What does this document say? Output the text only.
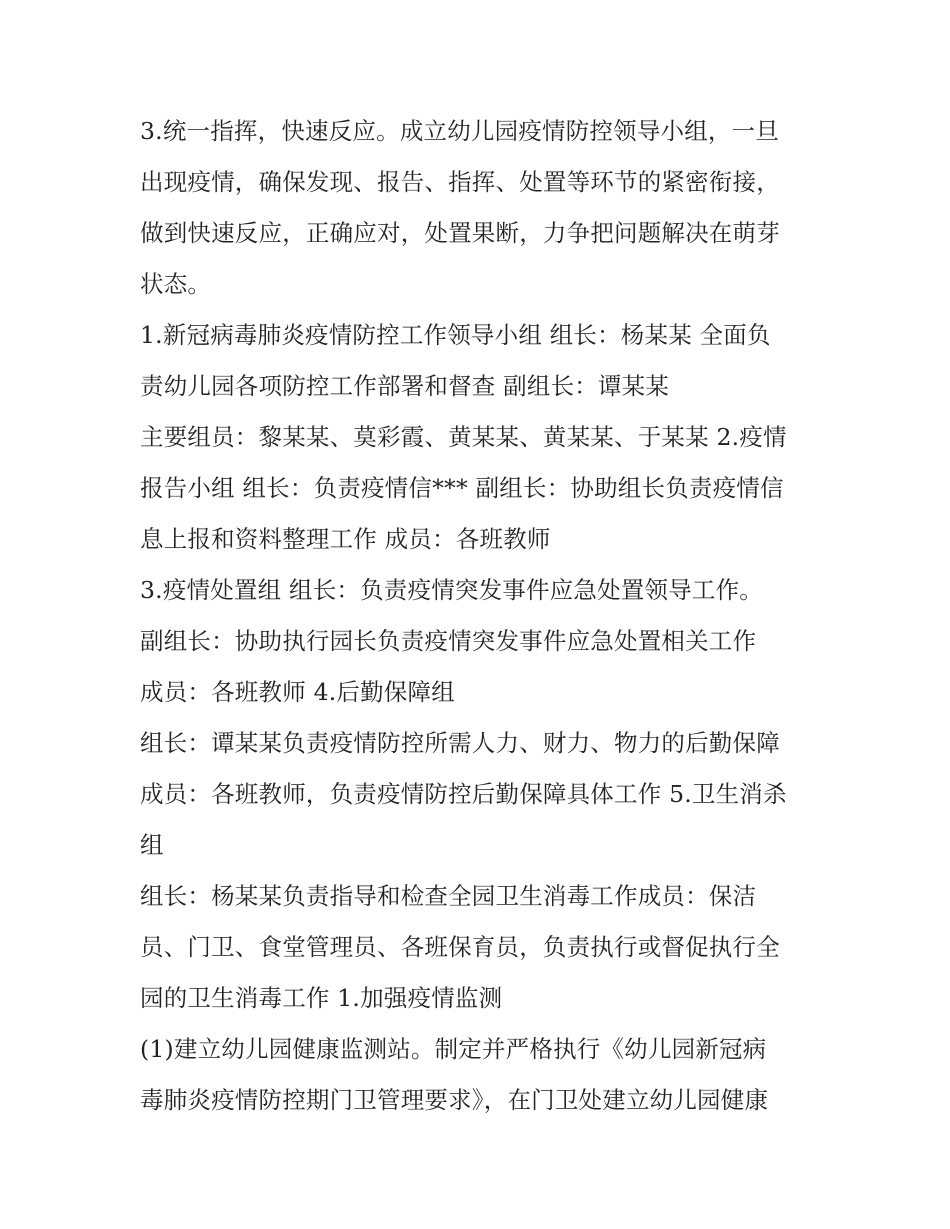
3.统一指挥，快速反应。成立幼儿园疫情防控领导小组，一旦
出现疫情，确保发现、报告、指挥、处置等环节的紧密衔接，
做到快速反应，正确应对，处置果断，力争把问题解决在萌芽
状态。
1.新冠病毒肺炎疫情防控工作领导小组 组长：杨某某 全面负
责幼儿园各项防控工作部署和督查 副组长：谭某某
主要组员：黎某某、莫彩霞、黄某某、黄某某、于某某 2.疫情
报告小组 组长：负责疫情信*** 副组长：协助组长负责疫情信
息上报和资料整理工作 成员：各班教师
3.疫情处置组 组长：负责疫情突发事件应急处置领导工作。
副组长：协助执行园长负责疫情突发事件应急处置相关工作
成员：各班教师 4.后勤保障组
组长：谭某某负责疫情防控所需人力、财力、物力的后勤保障
成员：各班教师，负责疫情防控后勤保障具体工作 5.卫生消杀
组
组长：杨某某负责指导和检查全园卫生消毒工作成员：保洁
员、门卫、食堂管理员、各班保育员，负责执行或督促执行全
园的卫生消毒工作 1.加强疫情监测
(1)建立幼儿园健康监测站。制定并严格执行《幼儿园新冠病
毒肺炎疫情防控期门卫管理要求》，在门卫处建立幼儿园健康
